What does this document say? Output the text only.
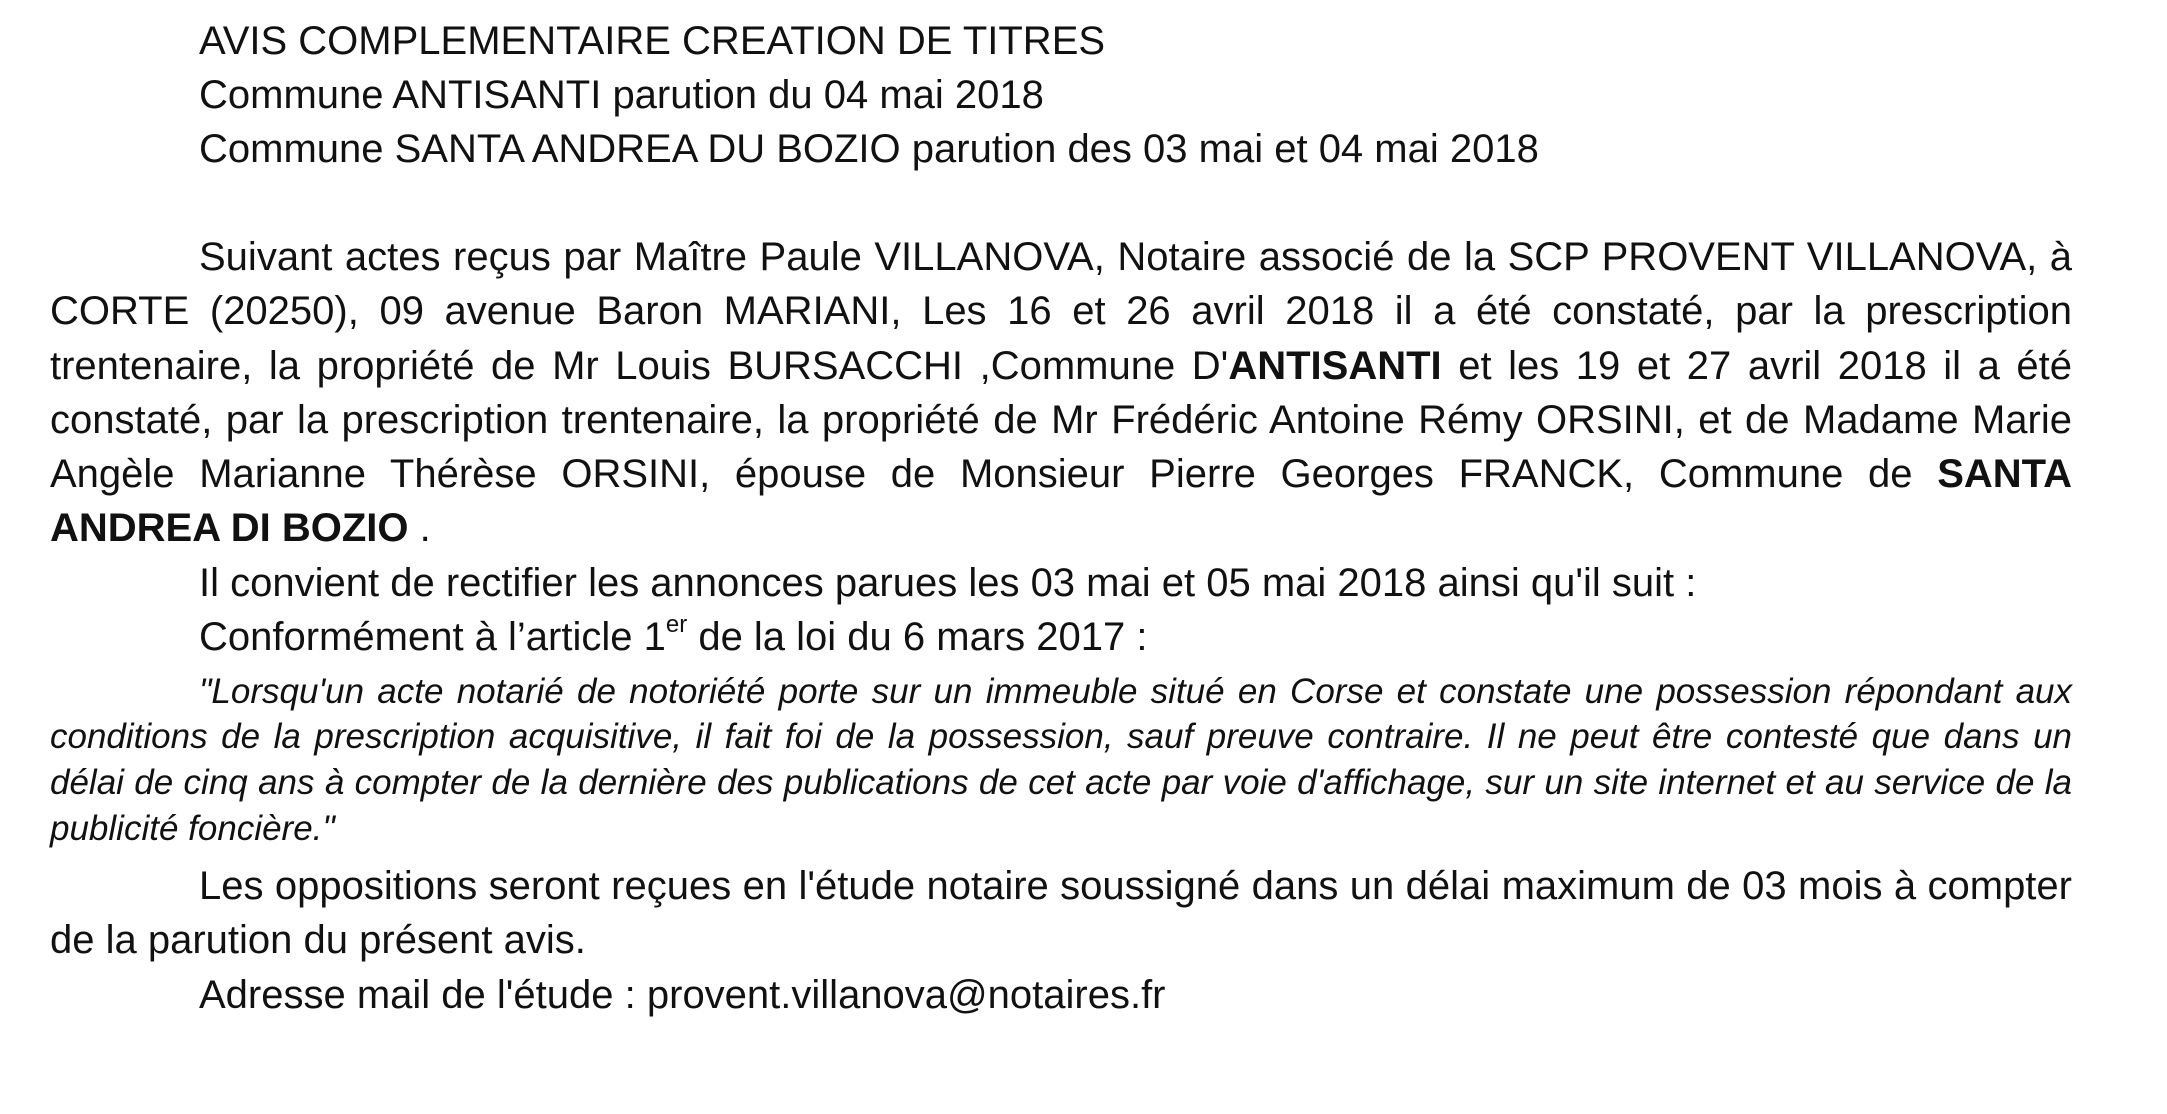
AVIS COMPLEMENTAIRE CREATION DE TITRES
Commune ANTISANTI parution du 04 mai 2018
Commune SANTA ANDREA DU BOZIO parution des 03 mai et 04 mai 2018

Suivant actes reçus par Maître Paule VILLANOVA, Notaire associé de la SCP PROVENT VILLANOVA, à CORTE (20250), 09 avenue Baron MARIANI, Les 16 et 26 avril 2018 il a été constaté, par la prescription trentenaire, la propriété de Mr Louis BURSACCHI ,Commune D'ANTISANTI et les 19 et 27 avril 2018 il a été constaté, par la prescription trentenaire, la propriété de Mr Frédéric Antoine Rémy ORSINI, et de Madame Marie Angèle Marianne Thérèse ORSINI, épouse de Monsieur Pierre Georges FRANCK, Commune de SANTA ANDREA DI BOZIO .

Il convient de rectifier les annonces parues les 03 mai et 05 mai 2018 ainsi qu'il suit :
Conformément à l’article 1er de la loi du 6 mars 2017 :

"Lorsqu'un acte notarié de notoriété porte sur un immeuble situé en Corse et constate une possession répondant aux conditions de la prescription acquisitive, il fait foi de la possession, sauf preuve contraire. Il ne peut être contesté que dans un délai de cinq ans à compter de la dernière des publications de cet acte par voie d'affichage, sur un site internet et au service de la publicité foncière."

Les oppositions seront reçues en l'étude notaire soussigné dans un délai maximum de 03 mois à compter de la parution du présent avis.

Adresse mail de l'étude : provent.villanova@notaires.fr
